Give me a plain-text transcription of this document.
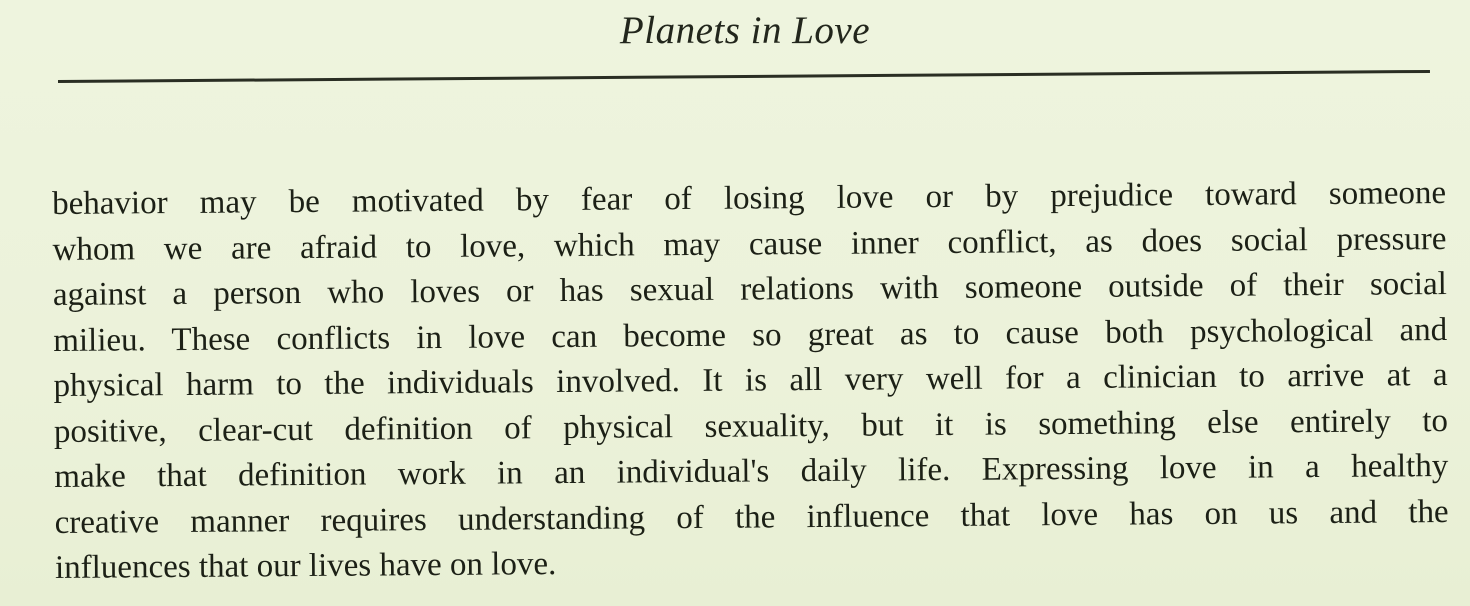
Planets in Love
behavior may be motivated by fear of losing love or by prejudice toward someone
whom we are afraid to love, which may cause inner conflict, as does social pressure
against a person who loves or has sexual relations with someone outside of their social
milieu. These conflicts in love can become so great as to cause both psychological and
physical harm to the individuals involved. It is all very well for a clinician to arrive at a
positive, clear-cut definition of physical sexuality, but it is something else entirely to
make that definition work in an individual's daily life. Expressing love in a healthy
creative manner requires understanding of the influence that love has on us and the
influences that our lives have on love.
